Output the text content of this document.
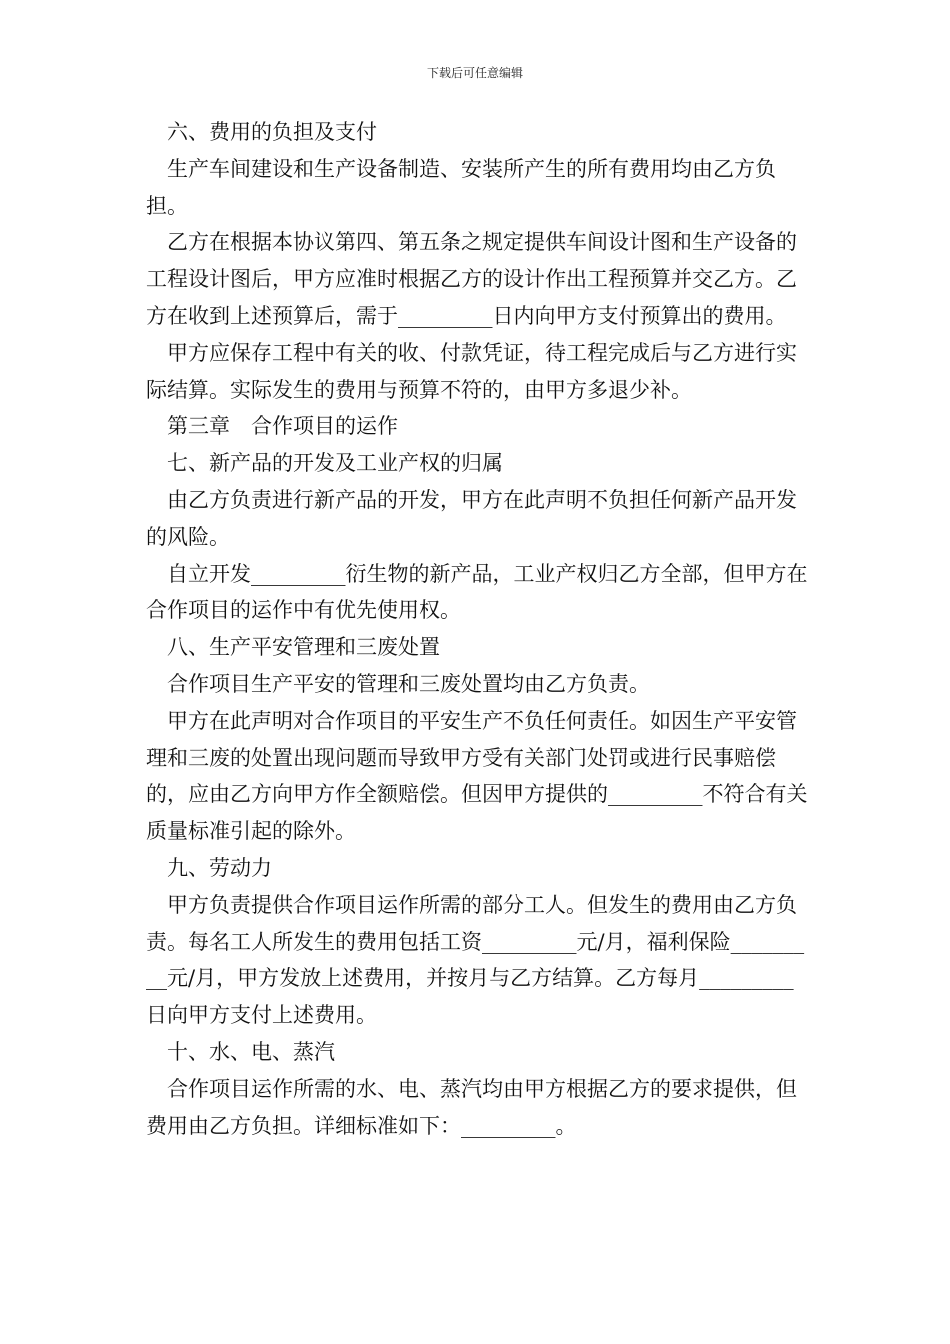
下载后可任意编辑

六、费用的负担及支付

生产车间建设和生产设备制造、安装所产生的所有费用均由乙方负担。

乙方在根据本协议第四、第五条之规定提供车间设计图和生产设备的工程设计图后，甲方应准时根据乙方的设计作出工程预算并交乙方。乙方在收到上述预算后，需于_________日内向甲方支付预算出的费用。

甲方应保存工程中有关的收、付款凭证，待工程完成后与乙方进行实际结算。实际发生的费用与预算不符的，由甲方多退少补。

第三章　合作项目的运作

七、新产品的开发及工业产权的归属

由乙方负责进行新产品的开发，甲方在此声明不负担任何新产品开发的风险。

自立开发_________衍生物的新产品，工业产权归乙方全部，但甲方在合作项目的运作中有优先使用权。

八、生产平安管理和三废处置

合作项目生产平安的管理和三废处置均由乙方负责。

甲方在此声明对合作项目的平安生产不负任何责任。如因生产平安管理和三废的处置出现问题而导致甲方受有关部门处罚或进行民事赔偿的，应由乙方向甲方作全额赔偿。但因甲方提供的_________不符合有关质量标准引起的除外。

九、劳动力

甲方负责提供合作项目运作所需的部分工人。但发生的费用由乙方负责。每名工人所发生的费用包括工资_________元/月，福利保险_________元/月，甲方发放上述费用，并按月与乙方结算。乙方每月_________日向甲方支付上述费用。

十、水、电、蒸汽

合作项目运作所需的水、电、蒸汽均由甲方根据乙方的要求提供，但费用由乙方负担。详细标准如下：_________。
